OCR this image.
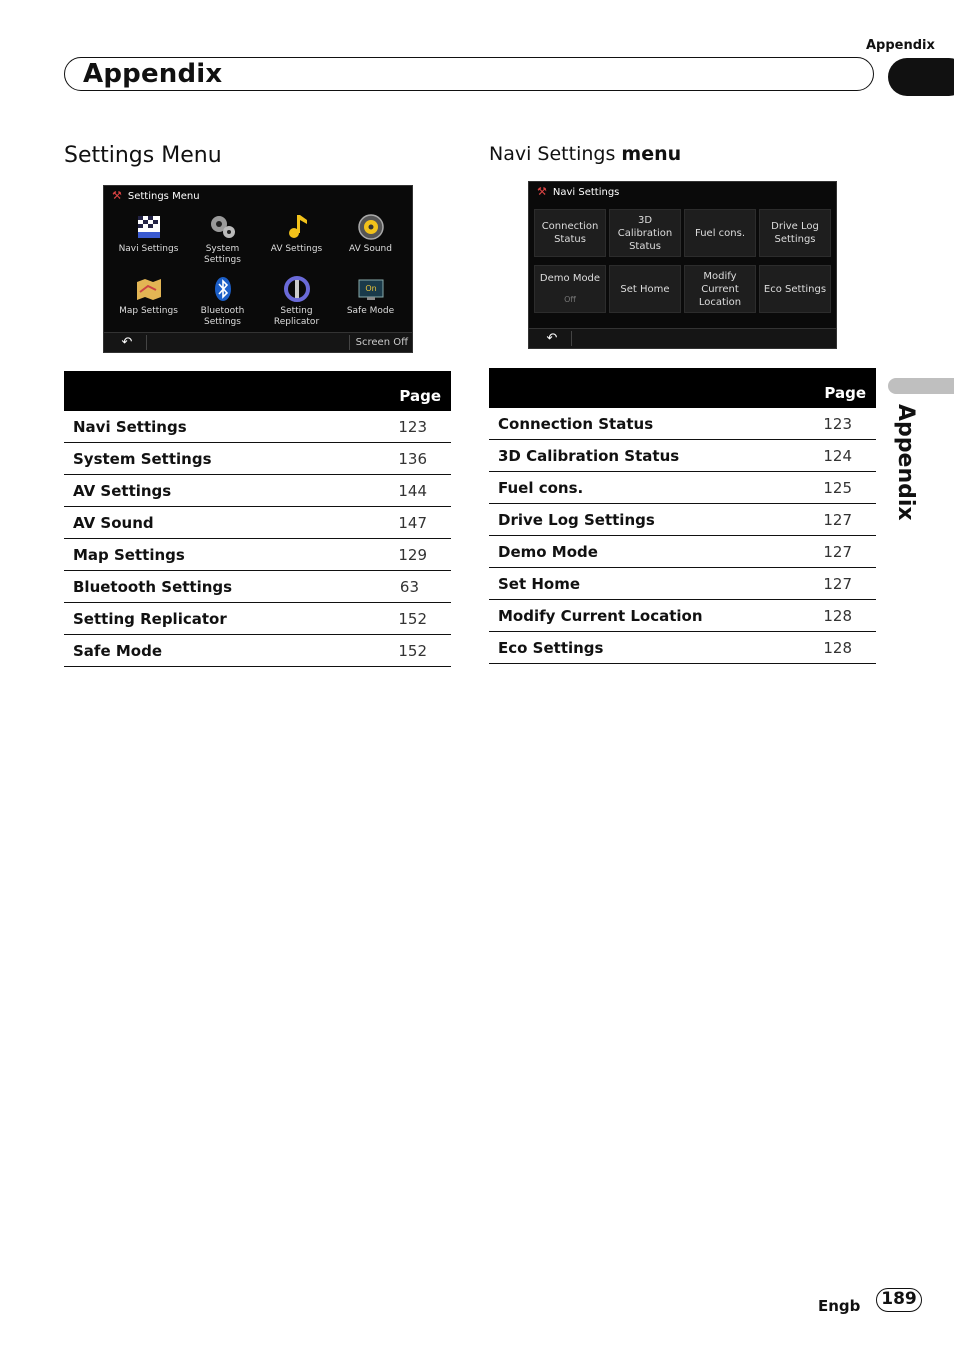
Appendix
Appendix
Settings Menu
⚒ Settings Menu
Navi Settings	System Settings
AV Settings	AV Sound
Map Settings	Bluetooth Settings
Setting Replicator
On
Safe Mode
↶	Screen Off
Page	
Navi Settings	123
System Settings	136
AV Settings	144
AV Sound	147
Map Settings	129
Bluetooth Settings	63
Setting Replicator	152
Safe Mode	152
Navi Settings menu
⚒ Navi Settings
Connection Status
3D Calibration Status
Fuel cons.
Drive Log Settings
Demo Mode
Off
Set Home
Modify Current Location
Eco Settings
↶
Page	
Connection Status	123
3D Calibration Status	124
Fuel cons.	125
Drive Log Settings	127
Demo Mode	127
Set Home	127
Modify Current Location	128
Eco Settings	128
Appendix
Engb	189
